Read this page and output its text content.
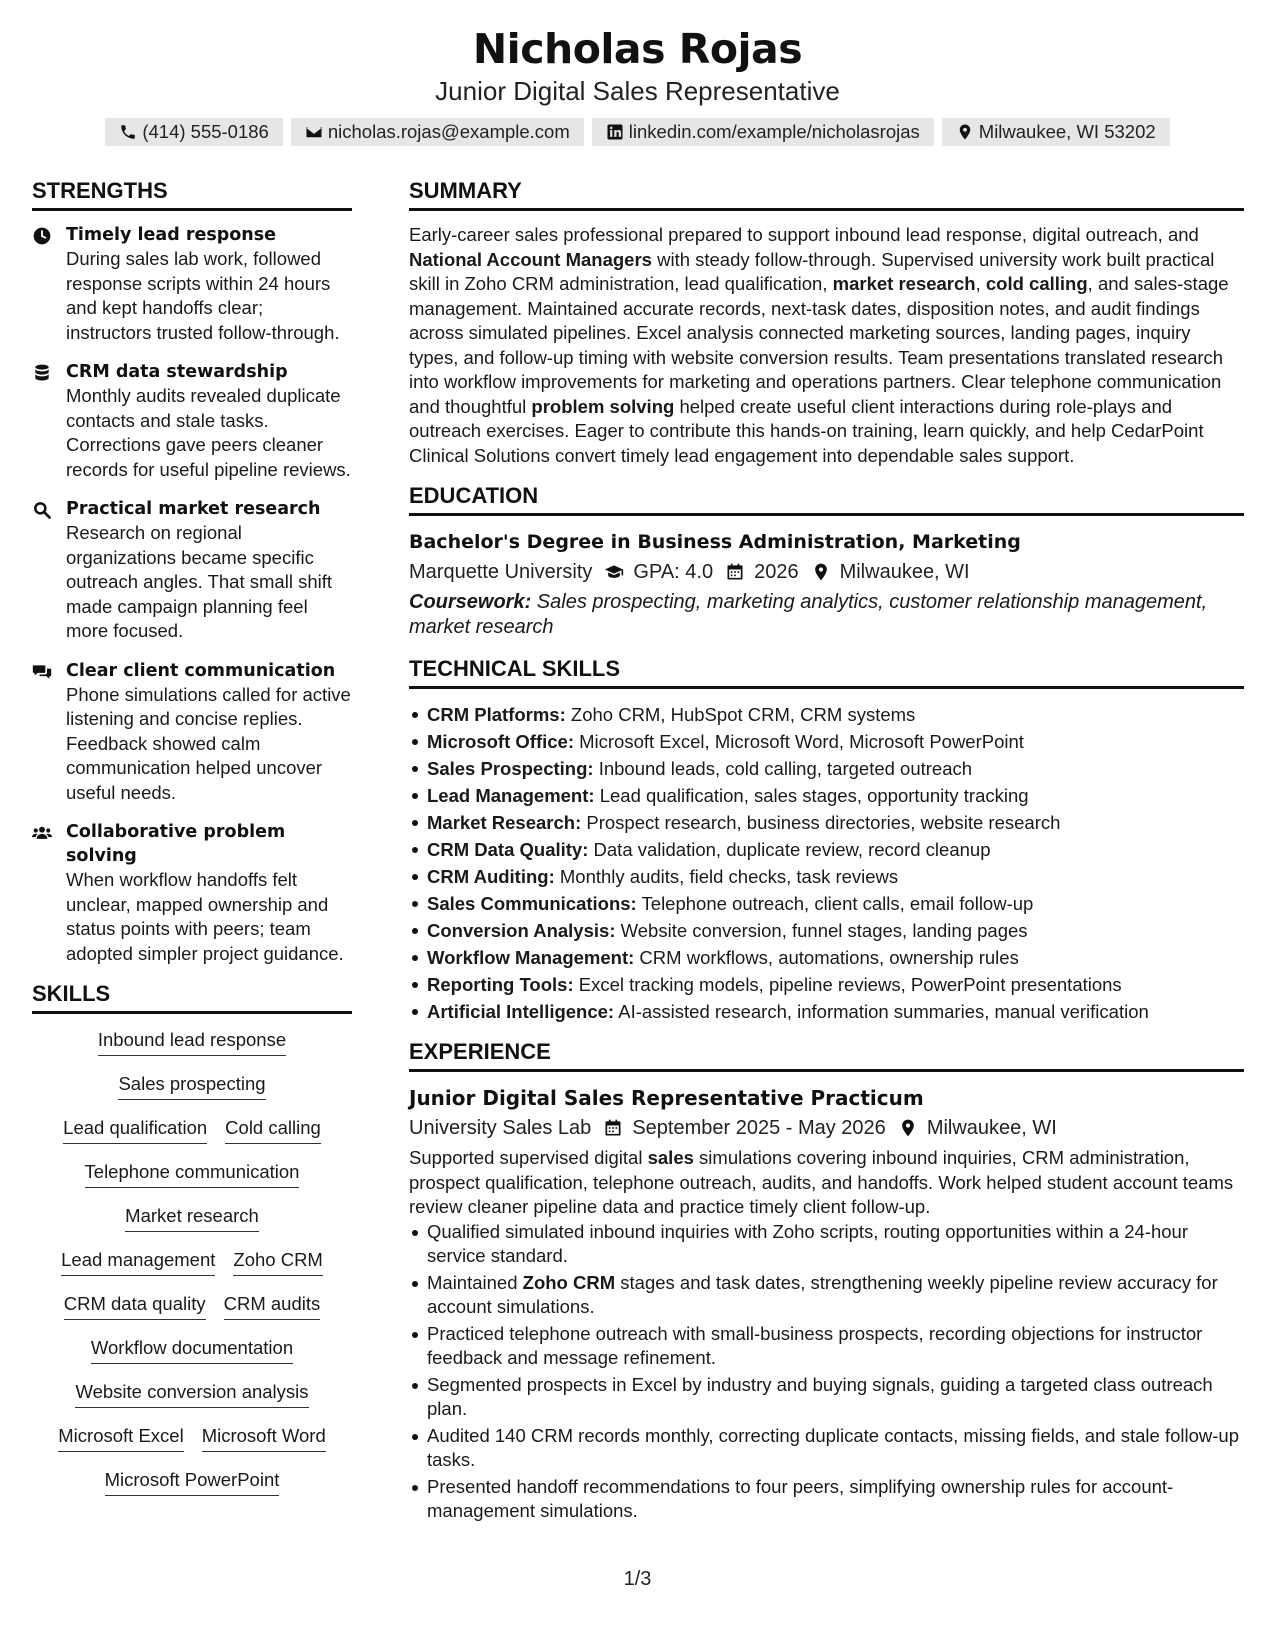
Nicholas Rojas
Junior Digital Sales Representative
(414) 555-0186	nicholas.rojas@example.com	linkedin.com/example/nicholasrojas	Milwaukee, WI 53202
STRENGTHS
Timely lead response
During sales lab work, followed response scripts within 24 hours and kept handoffs clear; instructors trusted follow-through.
CRM data stewardship
Monthly audits revealed duplicate contacts and stale tasks. Corrections gave peers cleaner records for useful pipeline reviews.
Practical market research
Research on regional organizations became specific outreach angles. That small shift made campaign planning feel more focused.
Clear client communication
Phone simulations called for active listening and concise replies. Feedback showed calm communication helped uncover useful needs.
Collaborative problem solving
When workflow handoffs felt unclear, mapped ownership and status points with peers; team adopted simpler project guidance.
SKILLS
Inbound lead response
Sales prospecting
Lead qualification Cold calling
Telephone communication
Market research
Lead management Zoho CRM
CRM data quality CRM audits
Workflow documentation
Website conversion analysis
Microsoft Excel Microsoft Word
Microsoft PowerPoint
SUMMARY

Early-career sales professional prepared to support inbound lead response, digital outreach, and National Account Managers with steady follow-through. Supervised university work built practical skill in Zoho CRM administration, lead qualification, market research, cold calling, and sales-stage management. Maintained accurate records, next-task dates, disposition notes, and audit findings across simulated pipelines. Excel analysis connected marketing sources, landing pages, inquiry types, and follow-up timing with website conversion results. Team presentations translated research into workflow improvements for marketing and operations partners. Clear telephone communication and thoughtful problem solving helped create useful client interactions during role-plays and outreach exercises. Eager to contribute this hands-on training, learn quickly, and help CedarPoint Clinical Solutions convert timely lead engagement into dependable sales support.

EDUCATION
Bachelor's Degree in Business Administration, Marketing
Marquette University GPA: 4.0 2026 Milwaukee, WI
Coursework: Sales prospecting, marketing analytics, customer relationship management, market research
TECHNICAL SKILLS
CRM Platforms: Zoho CRM, HubSpot CRM, CRM systems
Microsoft Office: Microsoft Excel, Microsoft Word, Microsoft PowerPoint
Sales Prospecting: Inbound leads, cold calling, targeted outreach
Lead Management: Lead qualification, sales stages, opportunity tracking
Market Research: Prospect research, business directories, website research
CRM Data Quality: Data validation, duplicate review, record cleanup
CRM Auditing: Monthly audits, field checks, task reviews
Sales Communications: Telephone outreach, client calls, email follow-up
Conversion Analysis: Website conversion, funnel stages, landing pages
Workflow Management: CRM workflows, automations, ownership rules
Reporting Tools: Excel tracking models, pipeline reviews, PowerPoint presentations
Artificial Intelligence: AI-assisted research, information summaries, manual verification
EXPERIENCE
Junior Digital Sales Representative Practicum
University Sales Lab September 2025 - May 2026 Milwaukee, WI
Supported supervised digital sales simulations covering inbound inquiries, CRM administration, prospect qualification, telephone outreach, audits, and handoffs. Work helped student account teams review cleaner pipeline data and practice timely client follow-up.
Qualified simulated inbound inquiries with Zoho scripts, routing opportunities within a 24-hour service standard.
Maintained Zoho CRM stages and task dates, strengthening weekly pipeline review accuracy for account simulations.
Practiced telephone outreach with small-business prospects, recording objections for instructor feedback and message refinement.
Segmented prospects in Excel by industry and buying signals, guiding a targeted class outreach plan.
Audited 140 CRM records monthly, correcting duplicate contacts, missing fields, and stale follow-up tasks.
Presented handoff recommendations to four peers, simplifying ownership rules for account-management simulations.
1/3
